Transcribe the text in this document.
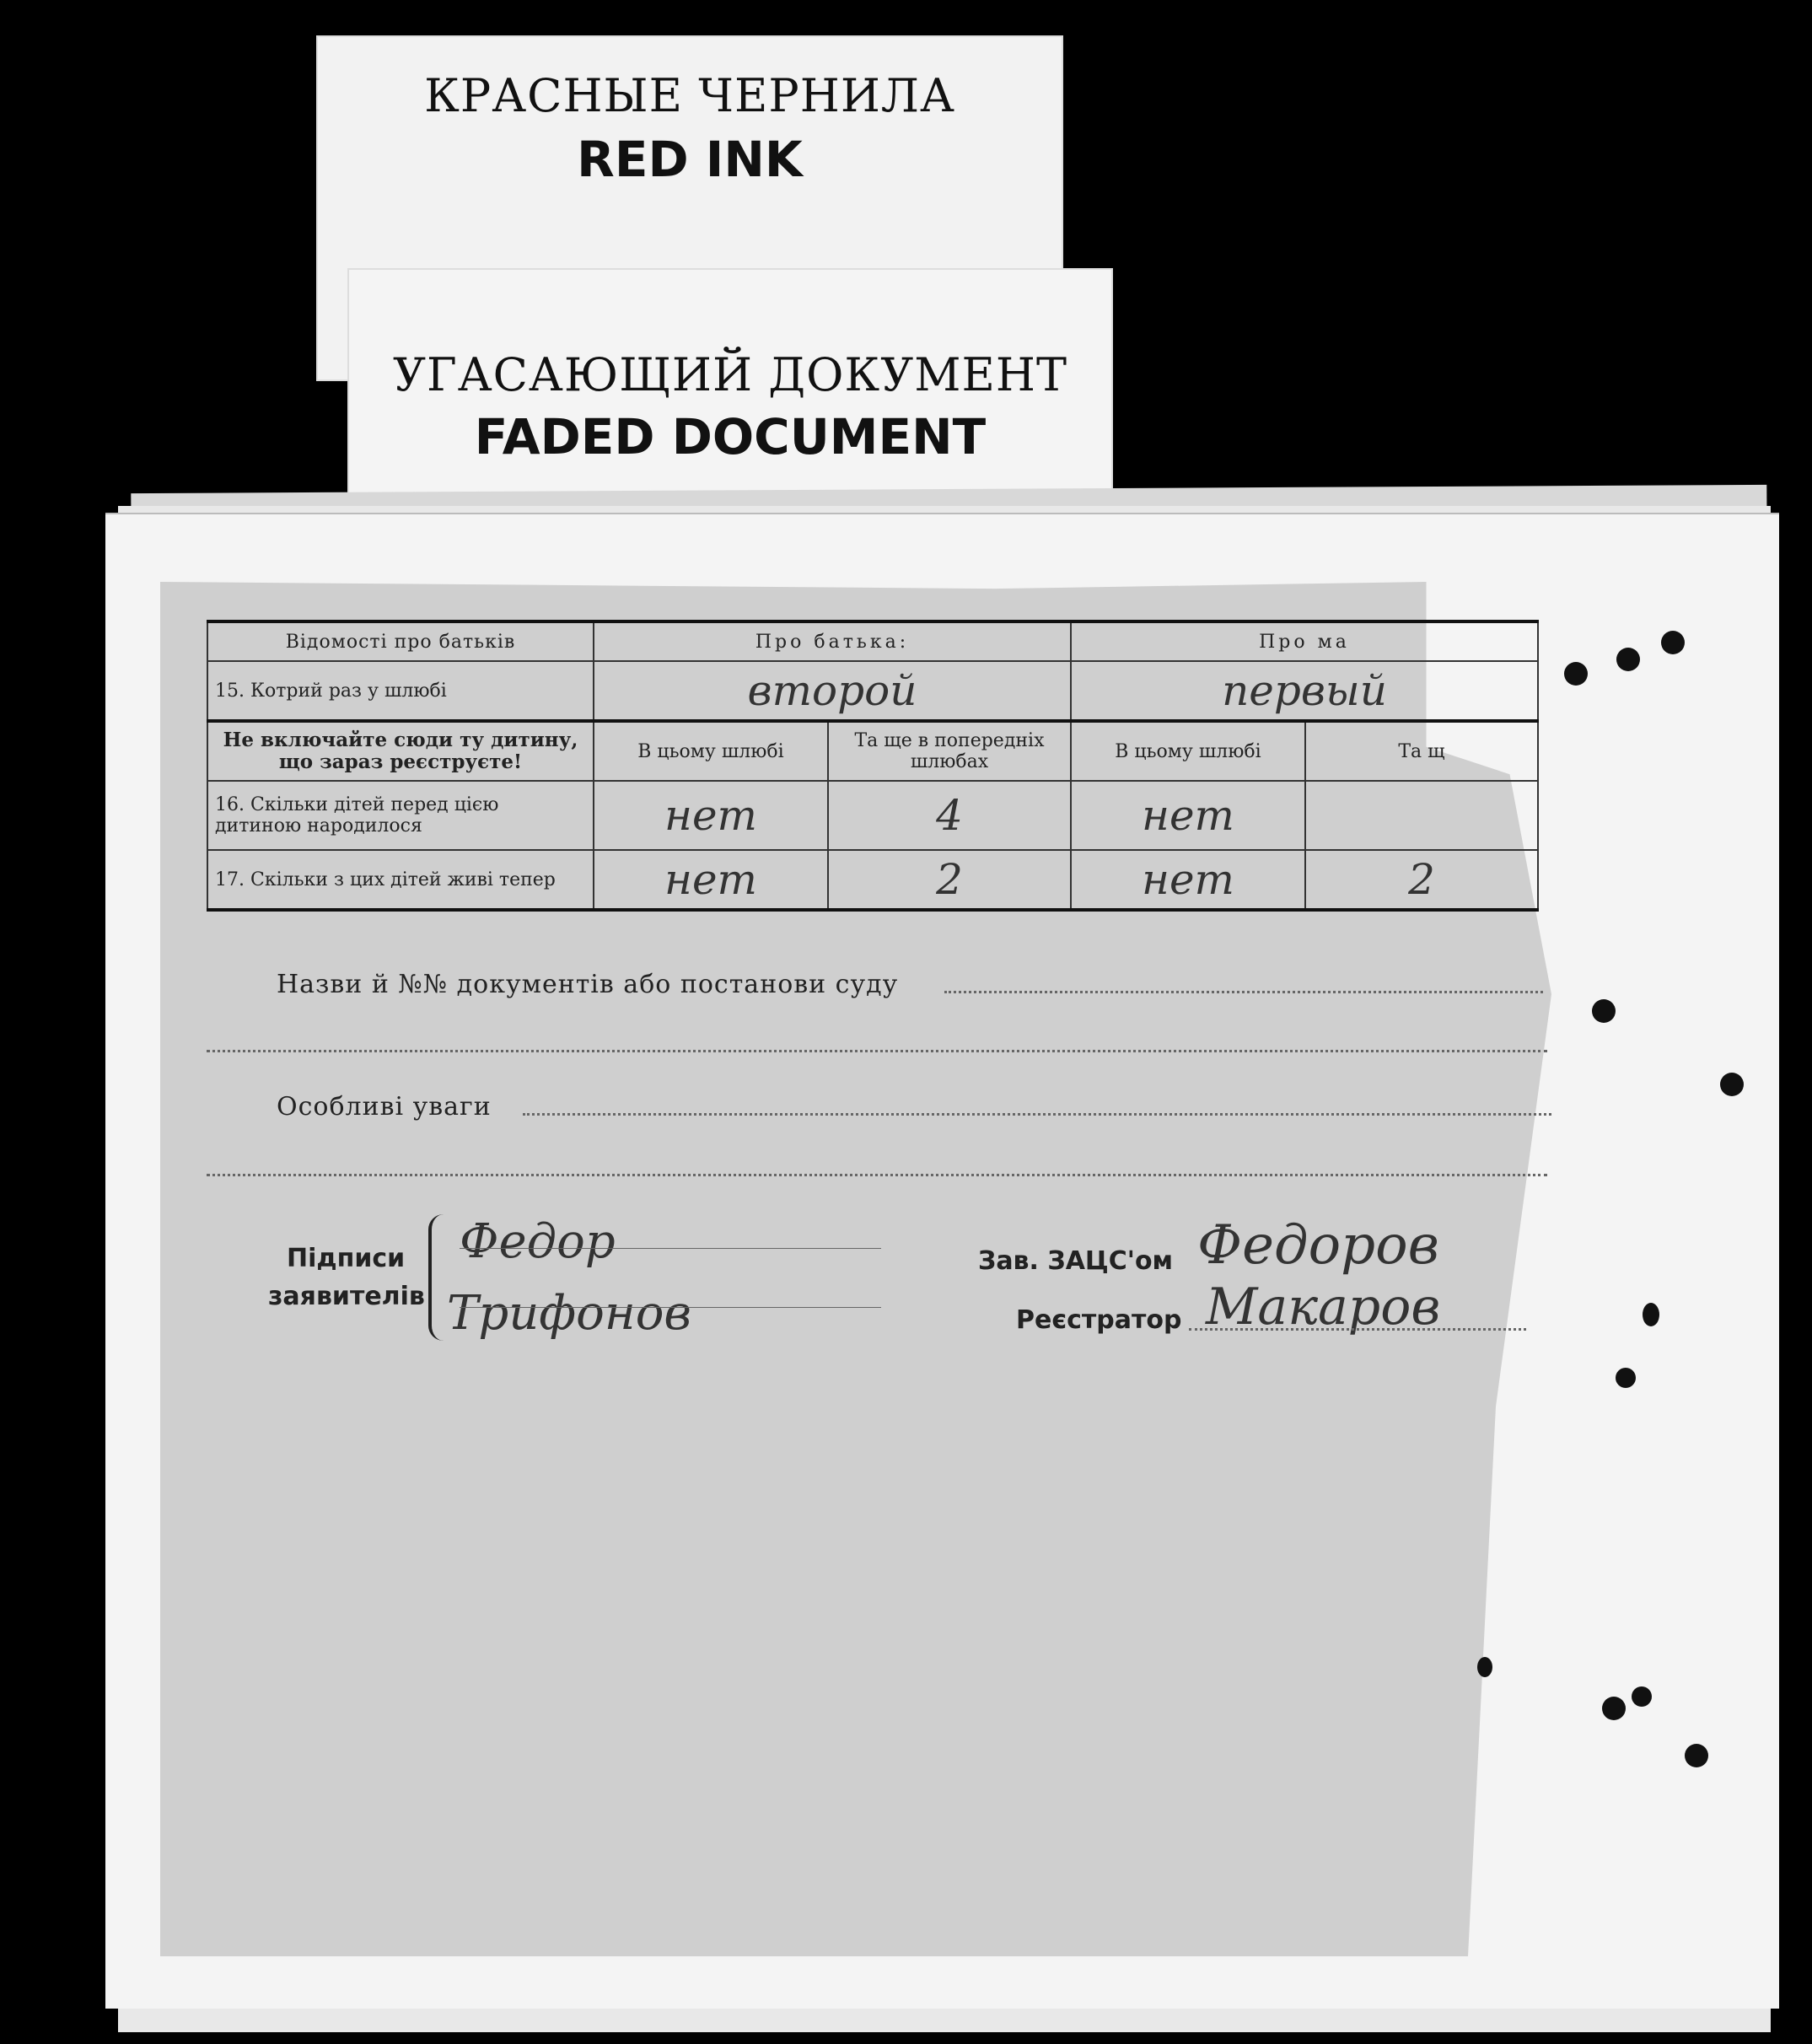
КРАСНЫЕ ЧЕРНИЛА
RED INK
УГАСАЮЩИЙ ДОКУМЕНТ
FADED DOCUMENT
Відомості про батьків	Про батька:		Про ма	
15. Котрий раз у шлюбі	второй		первый	
Не включайте сюди ту дитину, що зараз реєструєте!	В цьому шлюбі	Та ще в попередніх шлюбах	В цьому шлюбі	Та щ
16. Скільки дітей перед цією дитиною народилося	нет	4	нет	
17. Скільки з цих дітей живі тепер	нет	2	нет	2
Назви й №№ документів або постанови суду
Особливі уваги
Підписи
заявителів
Федор
Трифонов
Зав. ЗАЦС'ом Федоров
Реєстратор Макаров
